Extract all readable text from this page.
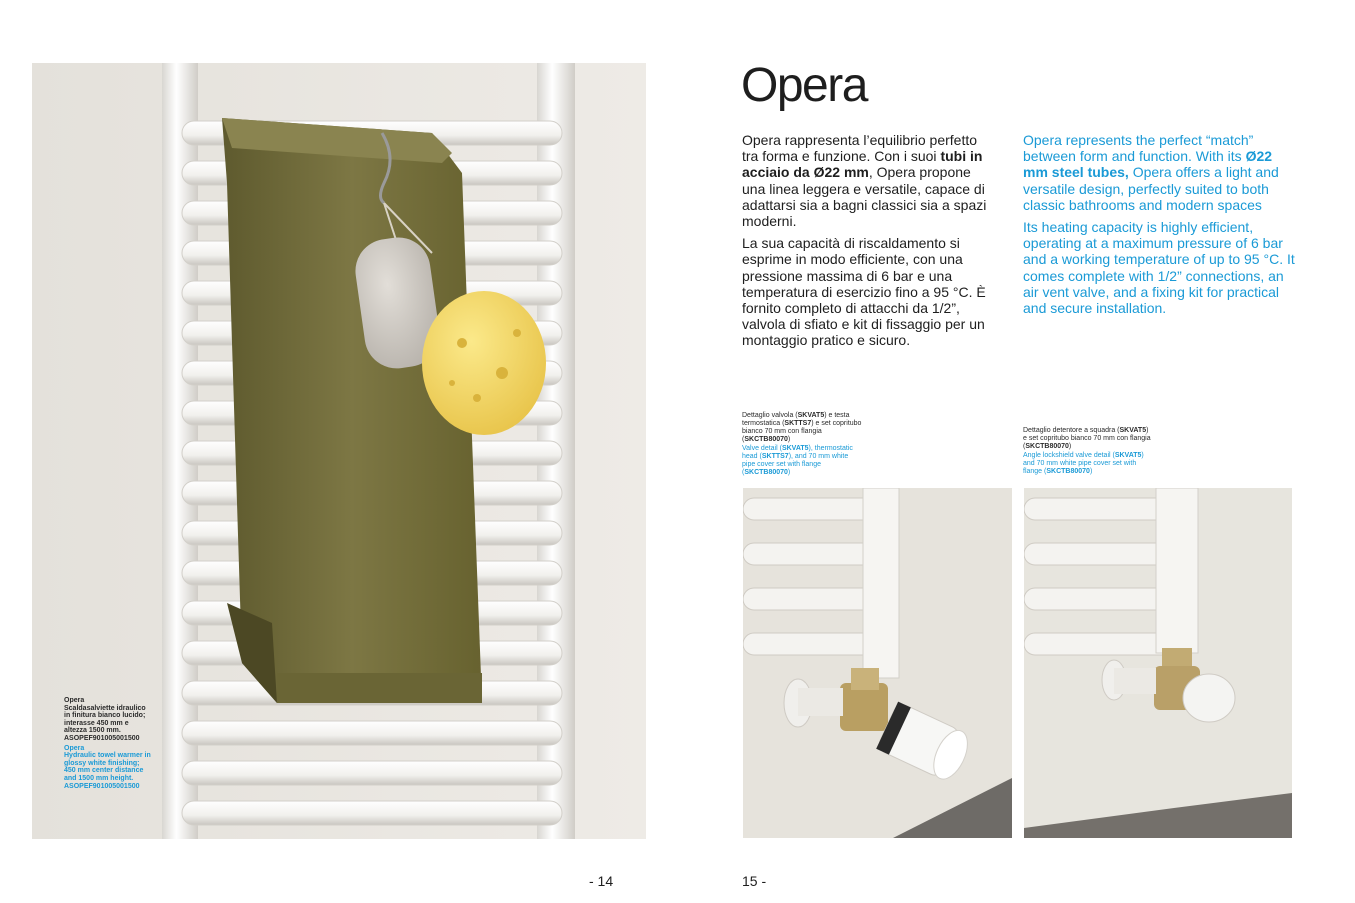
Opera
Scaldasalviette idraulico in finitura bianco lucido; interasse 450 mm e altezza 1500 mm.
ASOPEF901005001500
Opera
Hydraulic towel warmer in glossy white finishing; 450 mm center distance and 1500 mm height.
ASOPEF901005001500
- 14
Opera

Opera rappresenta l’equilibrio perfetto tra forma e funzione. Con i suoi tubi in acciaio da Ø22 mm, Opera propone una linea leggera e versatile, capace di adattarsi sia a bagni classici sia a spazi moderni.

La sua capacità di riscaldamento si esprime in modo efficiente, con una pressione massima di 6 bar e una temperatura di esercizio fino a 95 °C. È fornito completo di attacchi da 1/2”, valvola di sfiato e kit di fissaggio per un montaggio pratico e sicuro.

Opera represents the perfect “match” between form and function. With its Ø22 mm steel tubes, Opera offers a light and versatile design, perfectly suited to both classic bathrooms and modern spaces

Its heating capacity is highly efficient, operating at a maximum pressure of 6 bar and a working temperature of up to 95 °C. It comes complete with 1/2” connections, an air vent valve, and a fixing kit for practical and secure installation.

Dettaglio valvola (SKVAT5) e testa termostatica (SKTTS7) e set copritubo bianco 70 mm con flangia (SKCTB80070)
Valve detail (SKVAT5), thermostatic head (SKTTS7), and 70 mm white pipe cover set with flange (SKCTB80070)
Dettaglio detentore a squadra (SKVAT5) e set copritubo bianco 70 mm con flangia (SKCTB80070)
Angle lockshield valve detail (SKVAT5) and 70 mm white pipe cover set with flange (SKCTB80070)
15 -
